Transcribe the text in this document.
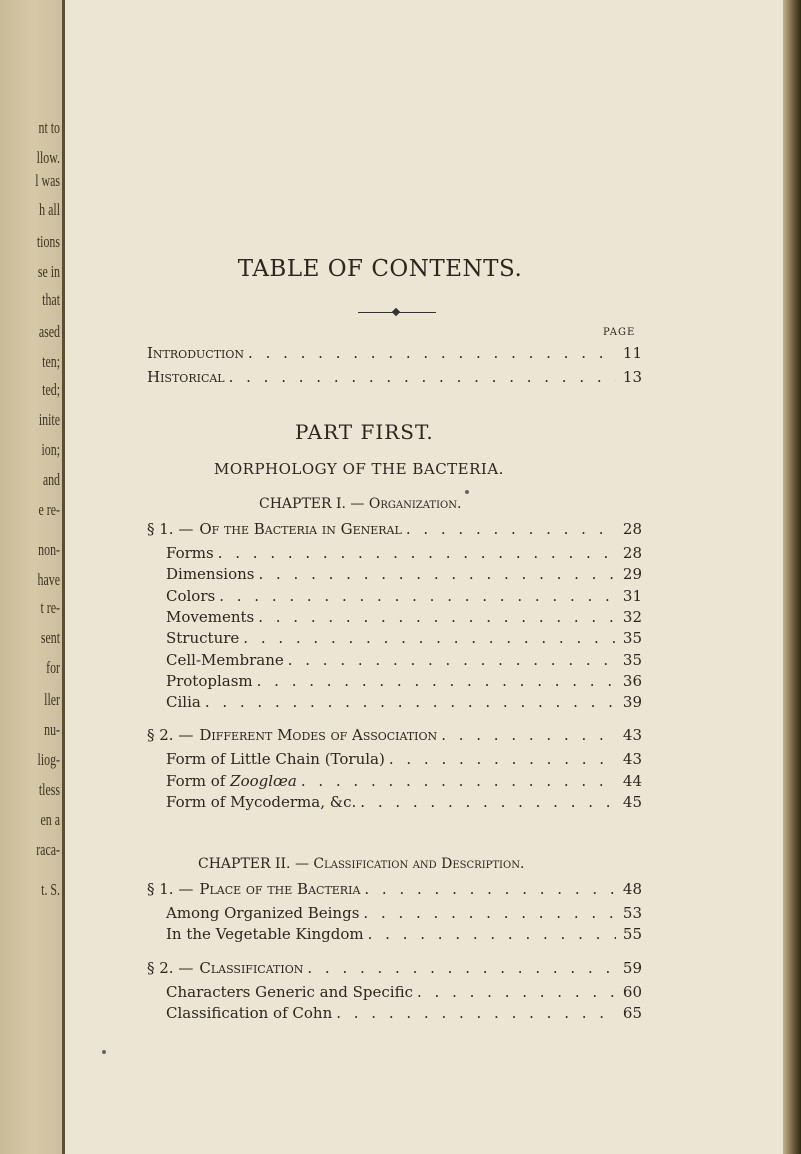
nt to
llow.
l was
h all
tions
se in
that
ased
ten;
ted;
inite
ion;
and
e re-
non-
have
t re-
sent
for
ller
nu-
liog-
tless
en a
raca-
t. S.
TABLE OF CONTENTS.
PAGE
Introduction . . .	11
Historical . . .	13
PART FIRST.
MORPHOLOGY OF THE BACTERIA.
CHAPTER I. — Organization.
§ 1. — Of the Bacteria in General . . .	28
Forms . . .	28
Dimensions . . .	29
Colors . . .	31
Movements . . .	32
Structure . . .	35
Cell-Membrane . . .	35
Protoplasm . . .	36
Cilia . . .	39
§ 2. — Different Modes of Association . . .	43
Form of Little Chain (Torula) . . .	43
Form of Zooglœa . . .	44
Form of Mycoderma, &c. . . .	45
CHAPTER II. — Classification and Description.
§ 1. — Place of the Bacteria . . .	48
Among Organized Beings . . .	53
In the Vegetable Kingdom . . .	55
§ 2. — Classification . . .	59
Characters Generic and Specific . . .	60
Classification of Cohn . . .	65
